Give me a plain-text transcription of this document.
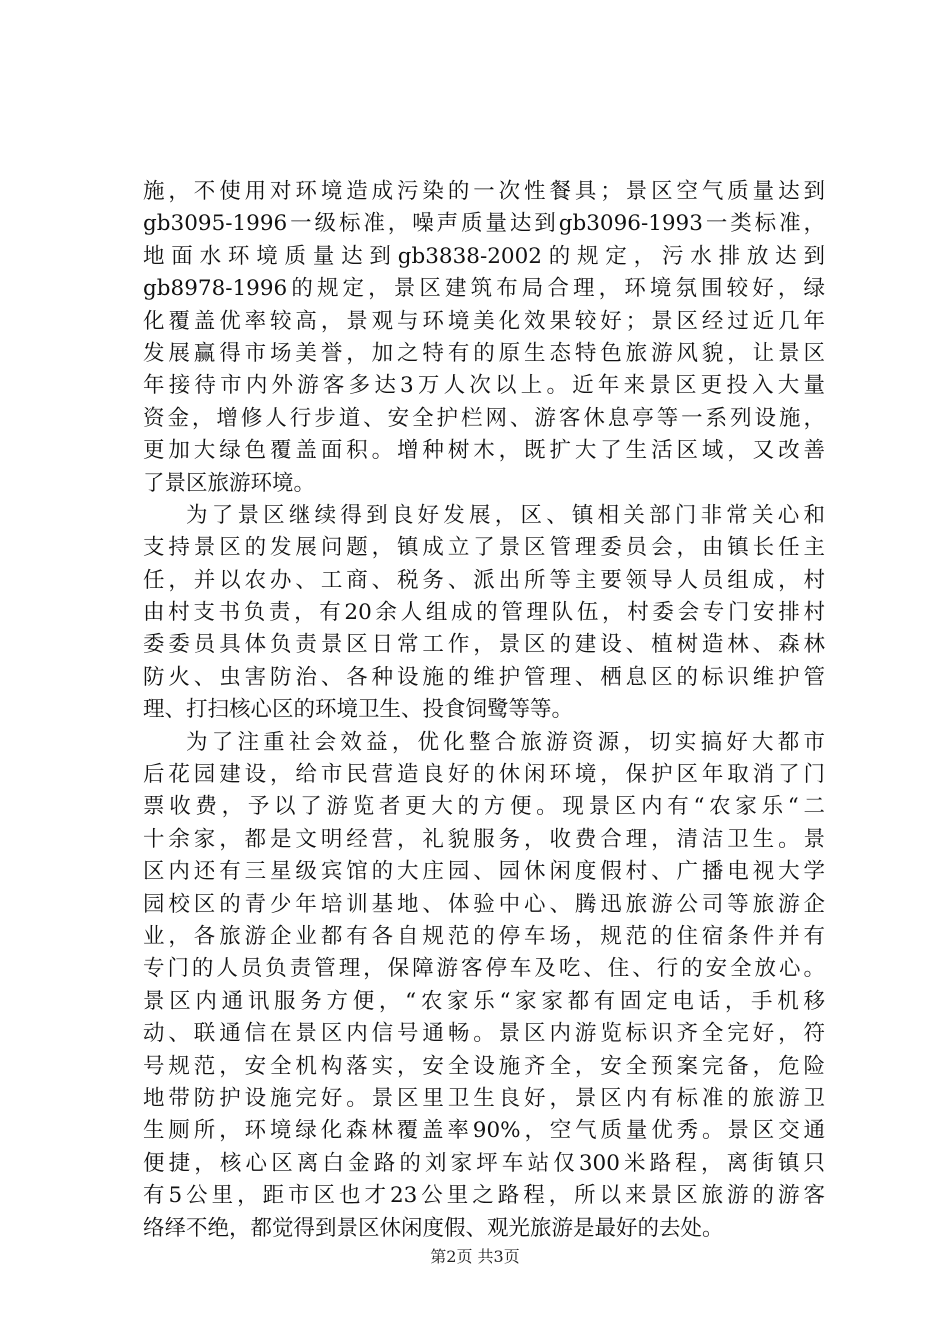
施，不使用对环境造成污染的一次性餐具；景区空气质量达到
gb3095-1996一级标准，噪声质量达到gb3096-1993一类标准，
地面水环境质量达到gb3838-2002的规定，污水排放达到
gb8978-1996的规定，景区建筑布局合理，环境氛围较好，绿
化覆盖优率较高，景观与环境美化效果较好；景区经过近几年
发展赢得市场美誉，加之特有的原生态特色旅游风貌，让景区
年接待市内外游客多达3万人次以上。近年来景区更投入大量
资金，增修人行步道、安全护栏网、游客休息亭等一系列设施，
更加大绿色覆盖面积。增种树木，既扩大了生活区域，又改善
了景区旅游环境。
为了景区继续得到良好发展，区、镇相关部门非常关心和
支持景区的发展问题，镇成立了景区管理委员会，由镇长任主
任，并以农办、工商、税务、派出所等主要领导人员组成，村
由村支书负责，有20余人组成的管理队伍，村委会专门安排村
委委员具体负责景区日常工作，景区的建设、植树造林、森林
防火、虫害防治、各种设施的维护管理、栖息区的标识维护管
理、打扫核心区的环境卫生、投食饲鹭等等。
为了注重社会效益，优化整合旅游资源，切实搞好大都市
后花园建设，给市民营造良好的休闲环境，保护区年取消了门
票收费，予以了游览者更大的方便。现景区内有“农家乐“二
十余家，都是文明经营，礼貌服务，收费合理，清洁卫生。景
区内还有三星级宾馆的大庄园、园休闲度假村、广播电视大学
园校区的青少年培训基地、体验中心、腾迅旅游公司等旅游企
业，各旅游企业都有各自规范的停车场，规范的住宿条件并有
专门的人员负责管理，保障游客停车及吃、住、行的安全放心。
景区内通讯服务方便，“农家乐“家家都有固定电话，手机移
动、联通信在景区内信号通畅。景区内游览标识齐全完好，符
号规范，安全机构落实，安全设施齐全，安全预案完备，危险
地带防护设施完好。景区里卫生良好，景区内有标准的旅游卫
生厕所，环境绿化森林覆盖率90%，空气质量优秀。景区交通
便捷，核心区离白金路的刘家坪车站仅300米路程，离街镇只
有5公里，距市区也才23公里之路程，所以来景区旅游的游客
络绎不绝，都觉得到景区休闲度假、观光旅游是最好的去处。
第2页 共3页
